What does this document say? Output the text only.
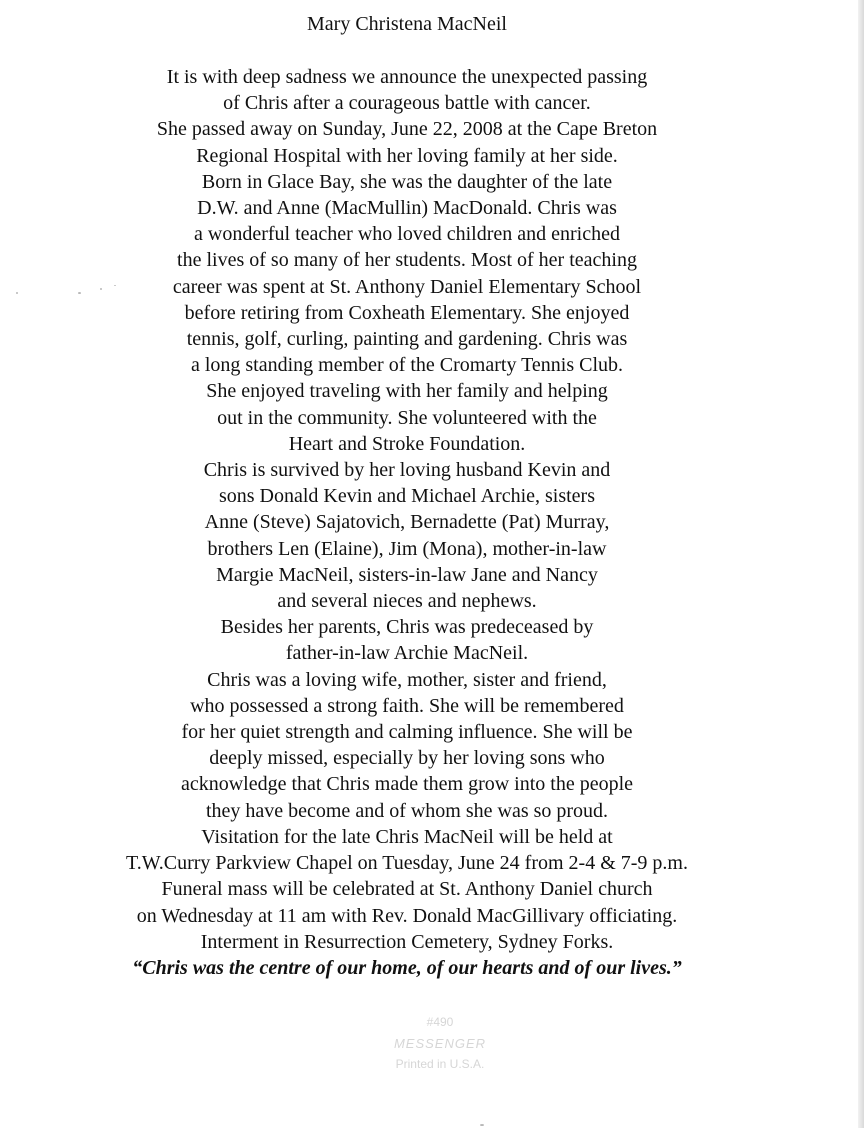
Mary Christena MacNeil
It is with deep sadness we announce the unexpected passing
of Chris after a courageous battle with cancer.
She passed away on Sunday, June 22, 2008 at the Cape Breton
Regional Hospital with her loving family at her side.
Born in Glace Bay, she was the daughter of the late
D.W. and Anne (MacMullin) MacDonald. Chris was
a wonderful teacher who loved children and enriched
the lives of so many of her students. Most of her teaching
career was spent at St. Anthony Daniel Elementary School
before retiring from Coxheath Elementary. She enjoyed
tennis, golf, curling, painting and gardening. Chris was
a long standing member of the Cromarty Tennis Club.
She enjoyed traveling with her family and helping
out in the community. She volunteered with the
Heart and Stroke Foundation.
Chris is survived by her loving husband Kevin and
sons Donald Kevin and Michael Archie, sisters
Anne (Steve) Sajatovich, Bernadette (Pat) Murray,
brothers Len (Elaine), Jim (Mona), mother-in-law
Margie MacNeil, sisters-in-law Jane and Nancy
and several nieces and nephews.
Besides her parents, Chris was predeceased by
father-in-law Archie MacNeil.
Chris was a loving wife, mother, sister and friend,
who possessed a strong faith. She will be remembered
for her quiet strength and calming influence. She will be
deeply missed, especially by her loving sons who
acknowledge that Chris made them grow into the people
they have become and of whom she was so proud.
Visitation for the late Chris MacNeil will be held at
T.W.Curry Parkview Chapel on Tuesday, June 24 from 2-4 & 7-9 p.m.
Funeral mass will be celebrated at St. Anthony Daniel church
on Wednesday at 11 am with Rev. Donald MacGillivary officiating.
Interment in Resurrection Cemetery, Sydney Forks.
“Chris was the centre of our home, of our hearts and of our lives.”
#490
MESSENGER
Printed in U.S.A.
